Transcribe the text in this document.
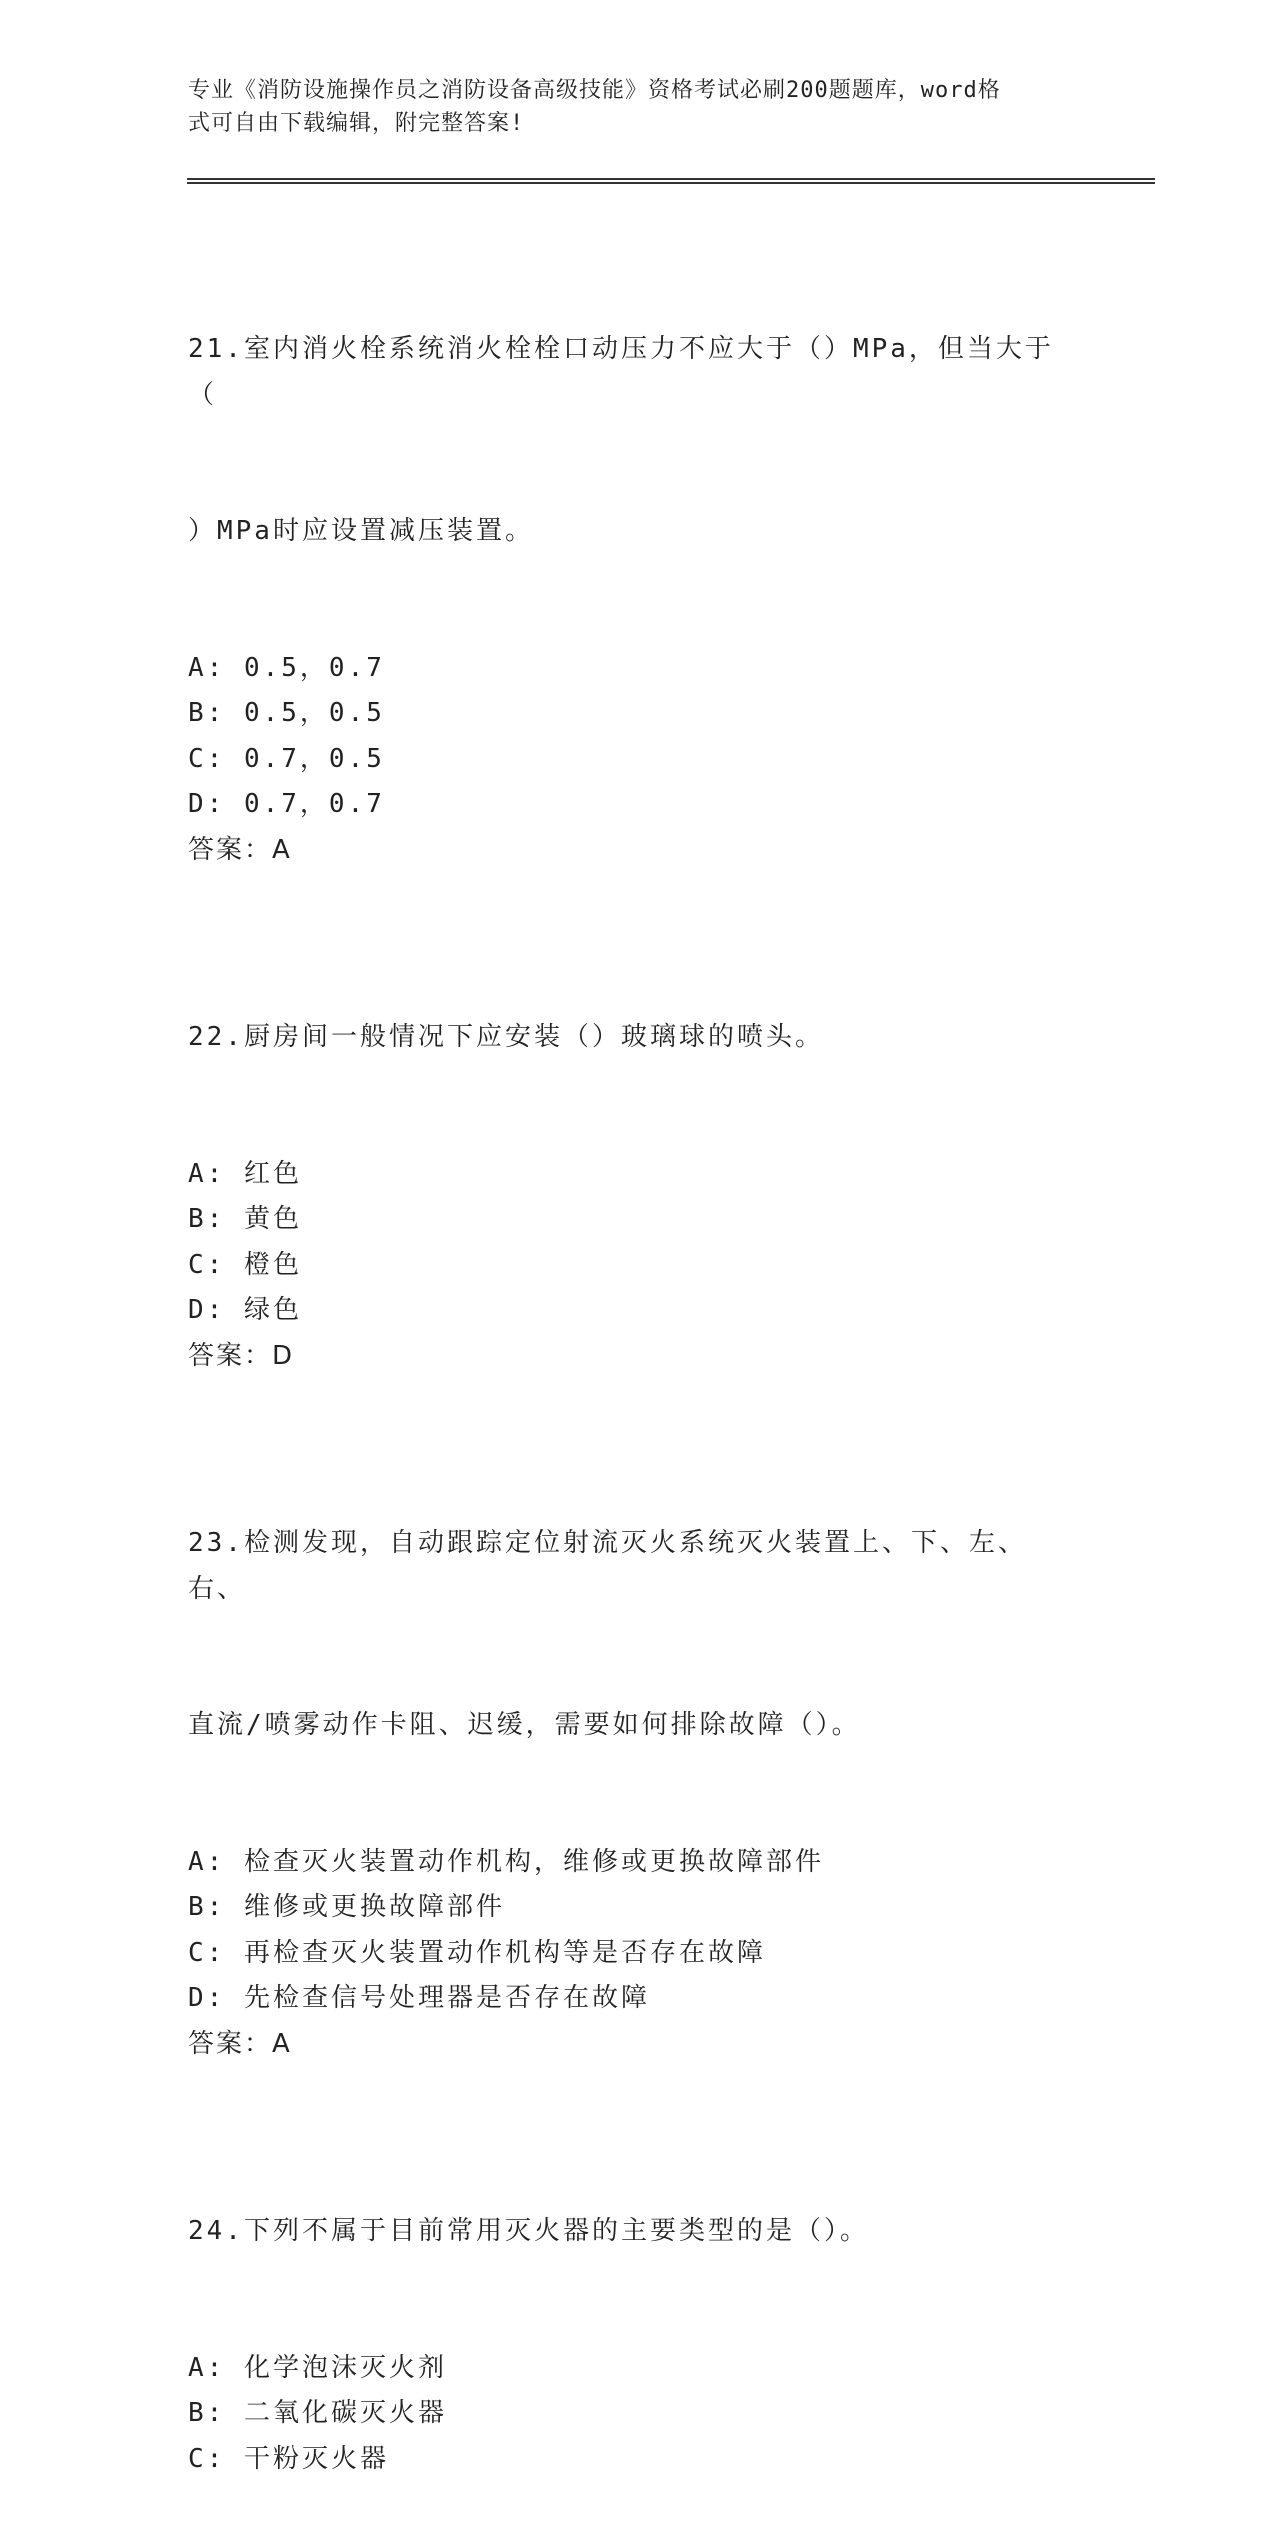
专业《消防设施操作员之消防设备高级技能》资格考试必刷200题题库，word格
式可自由下载编辑，附完整答案!

21.室内消火栓系统消火栓栓口动压力不应大于（）MPa，但当大于（

）MPa时应设置减压装置。

A: 0.5，0.7
B: 0.5，0.5
C: 0.7，0.5
D: 0.7，0.7
答案：A

22.厨房间一般情况下应安装（）玻璃球的喷头。

A: 红色
B: 黄色
C: 橙色
D: 绿色
答案：D

23.检测发现，自动跟踪定位射流灭火系统灭火装置上、下、左、右、

直流/喷雾动作卡阻、迟缓，需要如何排除故障（）。

A: 检查灭火装置动作机构，维修或更换故障部件
B: 维修或更换故障部件
C: 再检查灭火装置动作机构等是否存在故障
D: 先检查信号处理器是否存在故障
答案：A

24.下列不属于目前常用灭火器的主要类型的是（）。

A: 化学泡沫灭火剂
B: 二氧化碳灭火器
C: 干粉灭火器
